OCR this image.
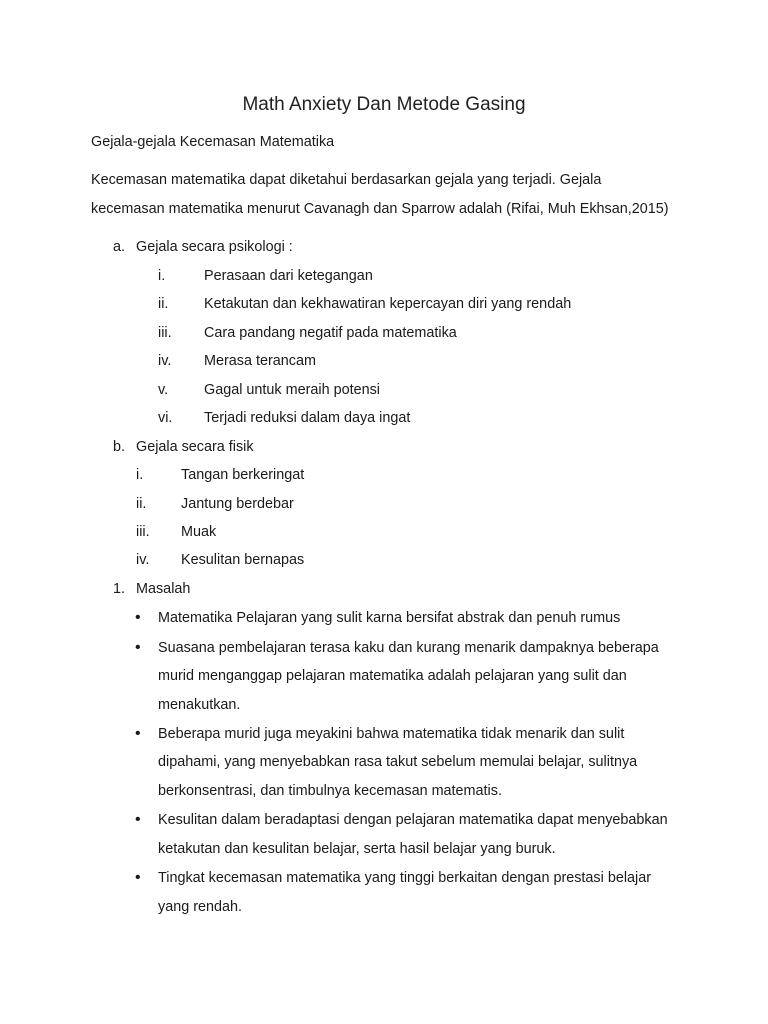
Math Anxiety Dan Metode Gasing

Gejala-gejala Kecemasan Matematika

Kecemasan matematika dapat diketahui berdasarkan gejala yang terjadi. Gejala

kecemasan matematika menurut Cavanagh dan Sparrow adalah (Rifai, Muh Ekhsan,2015)

a. Gejala secara psikologi :
i.	Perasaan dari ketegangan
ii. Ketakutan dan kekhawatiran kepercayan diri yang rendah
iii. Cara pandang negatif pada matematika
iv. Merasa terancam
v. Gagal untuk meraih potensi
vi. Terjadi reduksi dalam daya ingat
b. Gejala secara fisik
i.	Tangan berkeringat
ii. Jantung berdebar
iii. Muak
iv. Kesulitan bernapas
1. Masalah
• Matematika Pelajaran yang sulit karna bersifat abstrak dan penuh rumus
• Suasana pembelajaran terasa kaku dan kurang menarik dampaknya beberapa
murid menganggap pelajaran matematika adalah pelajaran yang sulit dan
menakutkan.
• Beberapa murid juga meyakini bahwa matematika tidak menarik dan sulit
dipahami, yang menyebabkan rasa takut sebelum memulai belajar, sulitnya
berkonsentrasi, dan timbulnya kecemasan matematis.
• Kesulitan dalam beradaptasi dengan pelajaran matematika dapat menyebabkan
ketakutan dan kesulitan belajar, serta hasil belajar yang buruk.
• Tingkat kecemasan matematika yang tinggi berkaitan dengan prestasi belajar
yang rendah.
